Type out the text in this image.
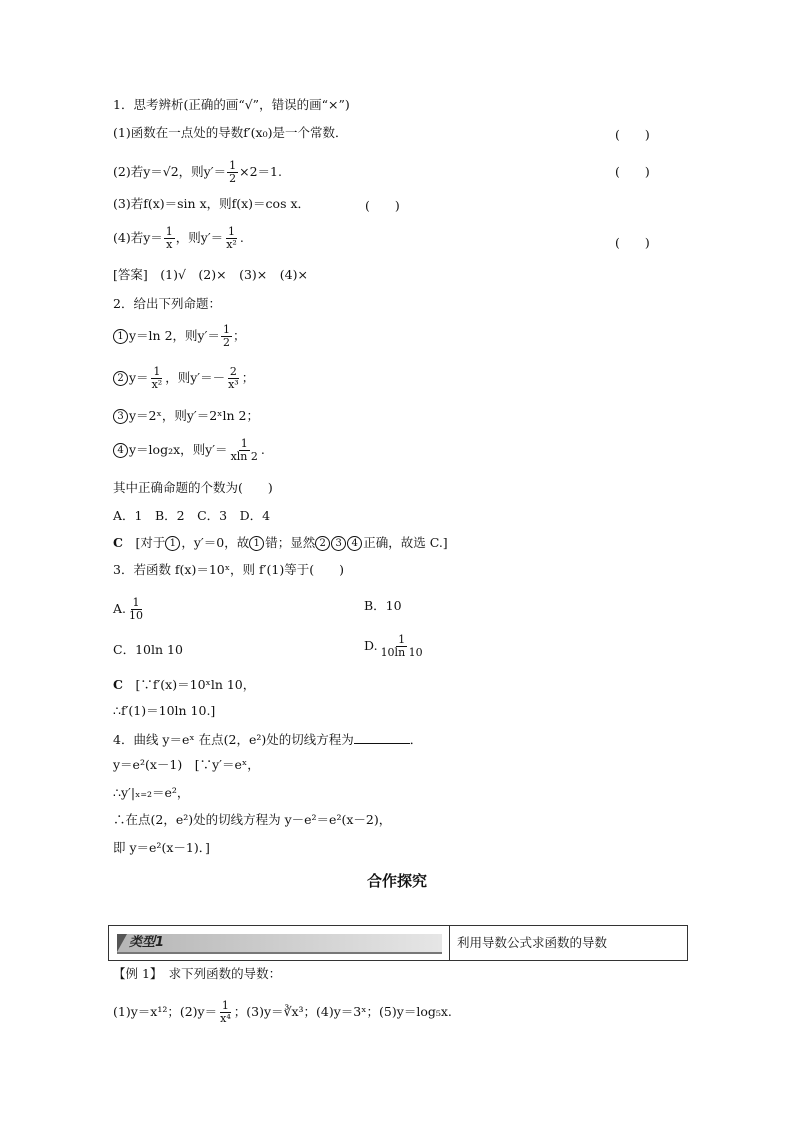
1．思考辨析(正确的画“√”，错误的画“×”)
(1)函数在一点处的导数f′(x₀)是一个常数．	(　　)
(2)若y＝√2，则$y'= \frac{1}{2} \times 2=1$.	(　　)
(3)若f(x)＝sin x，则f(x)＝cos x．	(　　)
(4)若$y= \frac{1}{x}$ ，则$y'= \frac{1}{\text{x²}}$ .	(　　)
[答案]　(1)√　(2)×　(3)×　(4)×
2．给出下列命题：
1 y＝ln 2，则$y'= \frac{1}{2}$ ；
2 $y= \frac{1}{\text{x²}}$ ，则$y'=- \frac{2}{\text{x³}}$ ；
3 y＝2ˣ，则y′＝2ˣln 2；
4 y＝log₂x，则$y'= \frac{1}{xln 2}$ .
其中正确命题的个数为(　　)
A．1　B．2　C．3　D．4
C　 [对于 1 ，y′＝0，故 1 错；显然 2 3 4 正确，故选 C.]
3．若函数 f(x)＝10ˣ，则 f′(1)等于(　　)
A. $\frac{1}{10}$	B．10
C．10ln 10	D. $\frac{1}{10\ln 10}$
C　 [∵f′(x)＝10ˣln 10，
∴f′(1)＝10ln 10.]
4．曲线 y＝eˣ 在点(2，e²)处的切线方程为	．
y＝e²(x－1)　[∵y′＝eˣ，
∴y′|ₓ₌₂＝e²，
∴在点(2，e²)处的切线方程为 y－e²＝e²(x－2)，
即 y＝e²(x－1)．]
合作探究
类型1	利用导数公式求函数的导数
【例 1】　求下列函数的导数：
(1)y＝x¹²；$(2)y= \frac{1}{\text{x⁴}}$ ；(3)y＝∛x³；(4)y＝3ˣ；(5)y＝log₅x.
